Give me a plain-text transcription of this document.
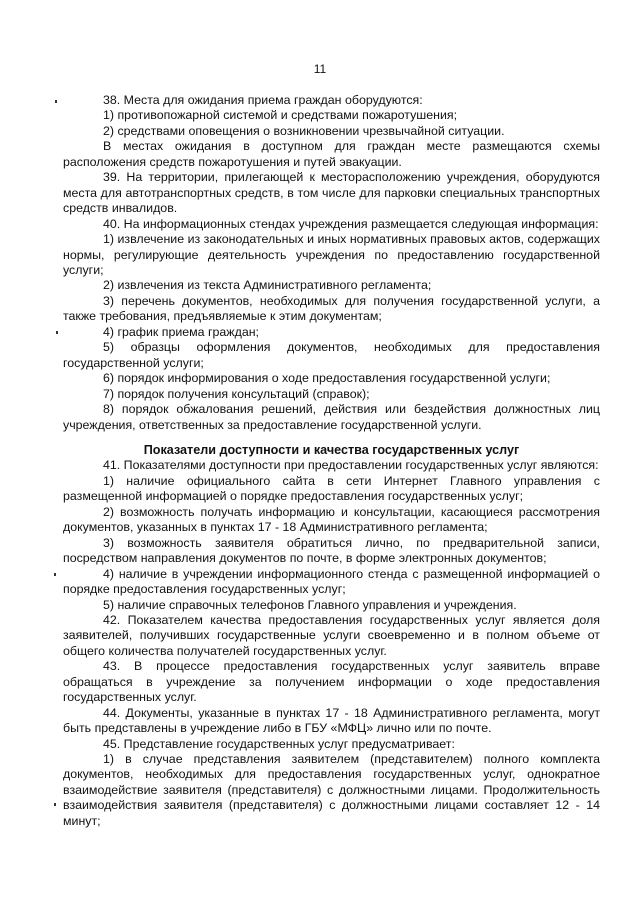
11

38. Места для ожидания приема граждан оборудуются:

1) противопожарной системой и средствами пожаротушения;

2) средствами оповещения о возникновении чрезвычайной ситуации.

В местах ожидания в доступном для граждан месте размещаются схемы расположения средств пожаротушения и путей эвакуации.

39. На территории, прилегающей к месторасположению учреждения, оборудуются места для автотранспортных средств, в том числе для парковки специальных транспортных средств инвалидов.

40. На информационных стендах учреждения размещается следующая информация:

1) извлечение из законодательных и иных нормативных правовых актов, содержащих нормы, регулирующие деятельность учреждения по предоставлению государственной услуги;

2) извлечения из текста Административного регламента;

3) перечень документов, необходимых для получения государственной услуги, а также требования, предъявляемые к этим документам;

4) график приема граждан;

5) образцы оформления документов, необходимых для предоставления государственной услуги;

6) порядок информирования о ходе предоставления государственной услуги;

7) порядок получения консультаций (справок);

8) порядок обжалования решений, действия или бездействия должностных лиц учреждения, ответственных за предоставление государственной услуги.

Показатели доступности и качества государственных услуг

41. Показателями доступности при предоставлении государственных услуг являются:

1) наличие официального сайта в сети Интернет Главного управления с размещенной информацией о порядке предоставления государственных услуг;

2) возможность получать информацию и консультации, касающиеся рассмотрения документов, указанных в пунктах 17 - 18 Административного регламента;

3) возможность заявителя обратиться лично, по предварительной записи, посредством направления документов по почте, в форме электронных документов;

4) наличие в учреждении информационного стенда с размещенной информацией о порядке предоставления государственных услуг;

5) наличие справочных телефонов Главного управления и учреждения.

42. Показателем качества предоставления государственных услуг является доля заявителей, получивших государственные услуги своевременно и в полном объеме от общего количества получателей государственных услуг.

43. В процессе предоставления государственных услуг заявитель вправе обращаться в учреждение за получением информации о ходе предоставления государственных услуг.

44. Документы, указанные в пунктах 17 - 18 Административного регламента, могут быть представлены в учреждение либо в ГБУ «МФЦ» лично или по почте.

45. Представление государственных услуг предусматривает:

1) в случае представления заявителем (представителем) полного комплекта документов, необходимых для предоставления государственных услуг, однократное взаимодействие заявителя (представителя) с должностными лицами. Продолжительность взаимодействия заявителя (представителя) с должностными лицами составляет 12 - 14 минут;
